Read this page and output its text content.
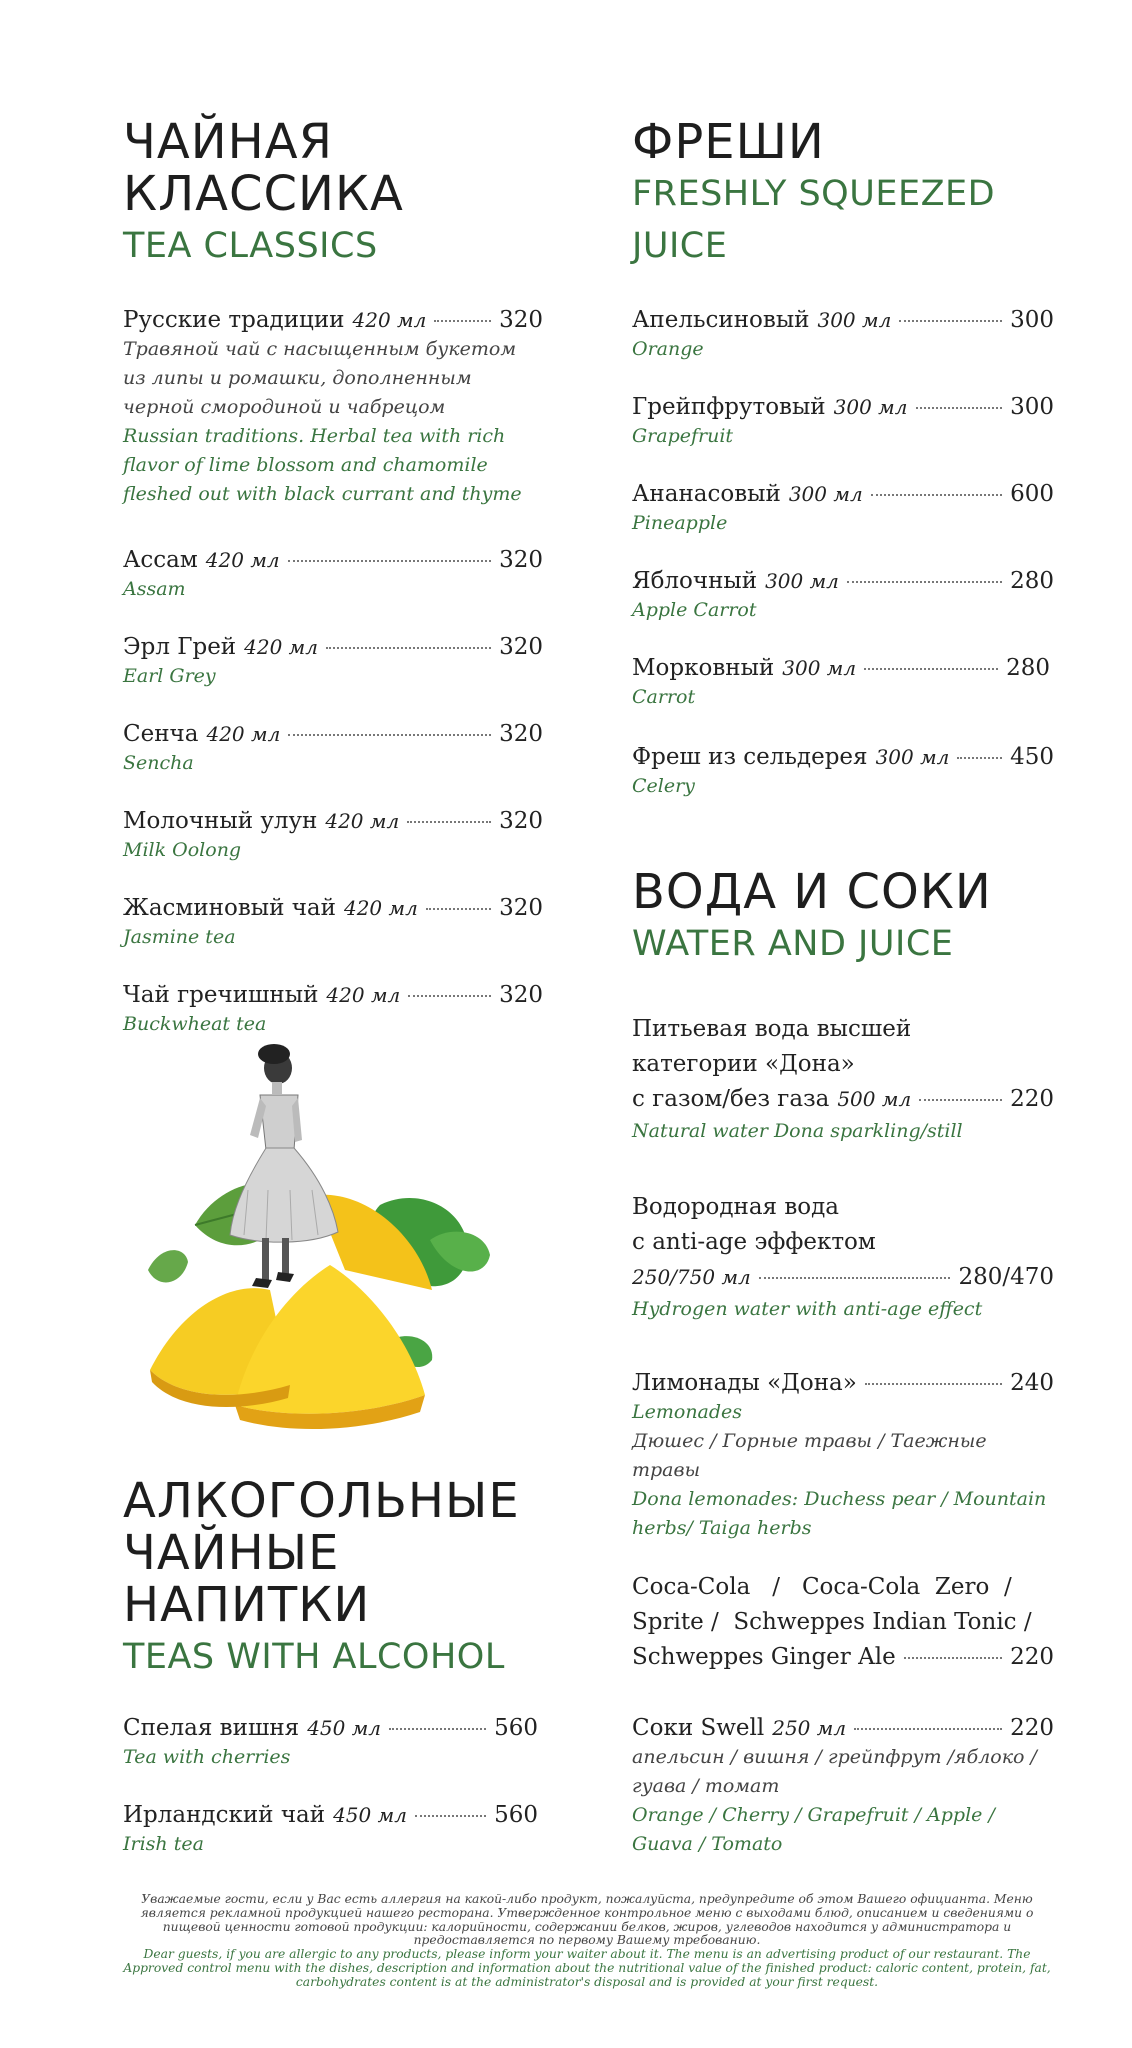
ЧАЙНАЯ
КЛАССИКА
TEA CLASSICS
Русские традиции 420 мл	320
Травяной чай с насыщенным букетом из липы и ромашки, дополненным черной смородиной и чабрецом
Russian traditions. Herbal tea with rich flavor of lime blossom and chamomile fleshed out with black currant and thyme
Ассам 420 мл	320
Assam
Эрл Грей 420 мл	320
Earl Grey
Сенча 420 мл	320
Sencha
Молочный улун 420 мл	320
Milk Oolong
Жасминовый чай 420 мл	320
Jasmine tea
Чай гречишный 420 мл	320
Buckwheat tea
АЛКОГОЛЬНЫЕ
ЧАЙНЫЕ
НАПИТКИ
TEAS WITH ALCOHOL
Спелая вишня 450 мл	560
Tea with cherries
Ирландский чай 450 мл	560
Irish tea
ФРЕШИ
FRESHLY SQUEEZED
JUICE
Апельсиновый 300 мл	300
Orange
Грейпфрутовый 300 мл	300
Grapefruit
Ананасовый 300 мл	600
Pineapple
Яблочный 300 мл	280
Apple Carrot
Морковный 300 мл	280
Carrot
Фреш из сельдерея 300 мл	450
Celery
ВОДА И СОКИ
WATER AND JUICE
Питьевая вода высшей
категории «Дона»
с газом/без газа 500 мл	220
Natural water Dona sparkling/still
Водородная вода
с anti-age эффектом
250/750 мл	280/470
Hydrogen water with anti-age effect
Лимонады «Дона»	240
Lemonades
Дюшес / Горные травы / Таежные травы
Dona lemonades: Duchess pear / Mountain herbs/ Taiga herbs
Coca-Cola   /   Coca-Cola  Zero  /
Sprite /  Schweppes Indian Tonic /
Schweppes Ginger Ale	220
Соки Swell 250 мл	220
апельсин / вишня / грейпфрут /яблоко / гуава / томат
Orange / Cherry / Grapefruit / Apple / Guava / Tomato
Уважаемые гости, если у Вас есть аллергия на какой-либо продукт, пожалуйста, предупредите об этом Вашего официанта. Меню является рекламной продукцией нашего ресторана. Утвержденное контрольное меню с выходами блюд, описанием и сведениями о пищевой ценности готовой продукции: калорийности, содержании белков, жиров, углеводов находится у администратора и предоставляется по первому Вашему требованию.
Dear guests, if you are allergic to any products, please inform your waiter about it. The menu is an advertising product of our restaurant. The Approved control menu with the dishes, description and information about the nutritional value of the finished product: caloric content, protein, fat, carbohydrates content is at the administrator's disposal and is provided at your first request.
